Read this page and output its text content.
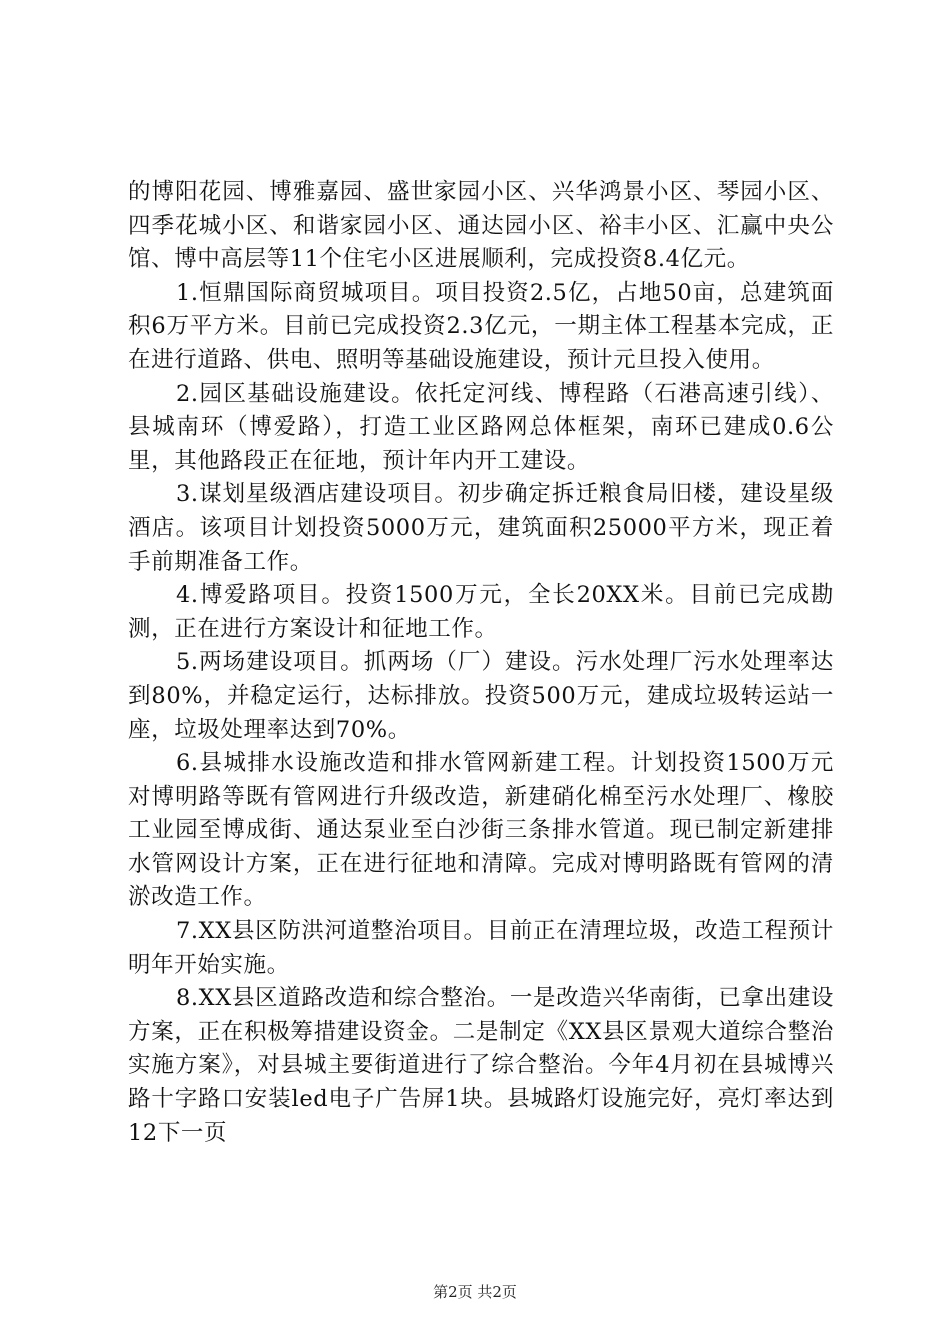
的博阳花园、博雅嘉园、盛世家园小区、兴华鸿景小区、琴园小区、四季花城小区、和谐家园小区、通达园小区、裕丰小区、汇赢中央公馆、博中高层等11个住宅小区进展顺利，完成投资8.4亿元。

1.恒鼎国际商贸城项目。项目投资2.5亿，占地50亩，总建筑面积6万平方米。目前已完成投资2.3亿元，一期主体工程基本完成，正在进行道路、供电、照明等基础设施建设，预计元旦投入使用。

2.园区基础设施建设。依托定河线、博程路（石港高速引线）、县城南环（博爱路），打造工业区路网总体框架，南环已建成0.6公里，其他路段正在征地，预计年内开工建设。

3.谋划星级酒店建设项目。初步确定拆迁粮食局旧楼，建设星级酒店。该项目计划投资5000万元，建筑面积25000平方米，现正着手前期准备工作。

4.博爱路项目。投资1500万元，全长20XX米。目前已完成勘测，正在进行方案设计和征地工作。

5.两场建设项目。抓两场（厂）建设。污水处理厂污水处理率达到80%，并稳定运行，达标排放。投资500万元，建成垃圾转运站一座，垃圾处理率达到70%。

6.县城排水设施改造和排水管网新建工程。计划投资1500万元对博明路等既有管网进行升级改造，新建硝化棉至污水处理厂、橡胶工业园至博成街、通达泵业至白沙街三条排水管道。现已制定新建排水管网设计方案，正在进行征地和清障。完成对博明路既有管网的清淤改造工作。

7.XX县区防洪河道整治项目。目前正在清理垃圾，改造工程预计明年开始实施。

8.XX县区道路改造和综合整治。一是改造兴华南街，已拿出建设方案，正在积极筹措建设资金。二是制定《XX县区景观大道综合整治实施方案》，对县城主要街道进行了综合整治。今年4月初在县城博兴路十字路口安装led电子广告屏1块。县城路灯设施完好，亮灯率达到12下一页

第2页 共2页
